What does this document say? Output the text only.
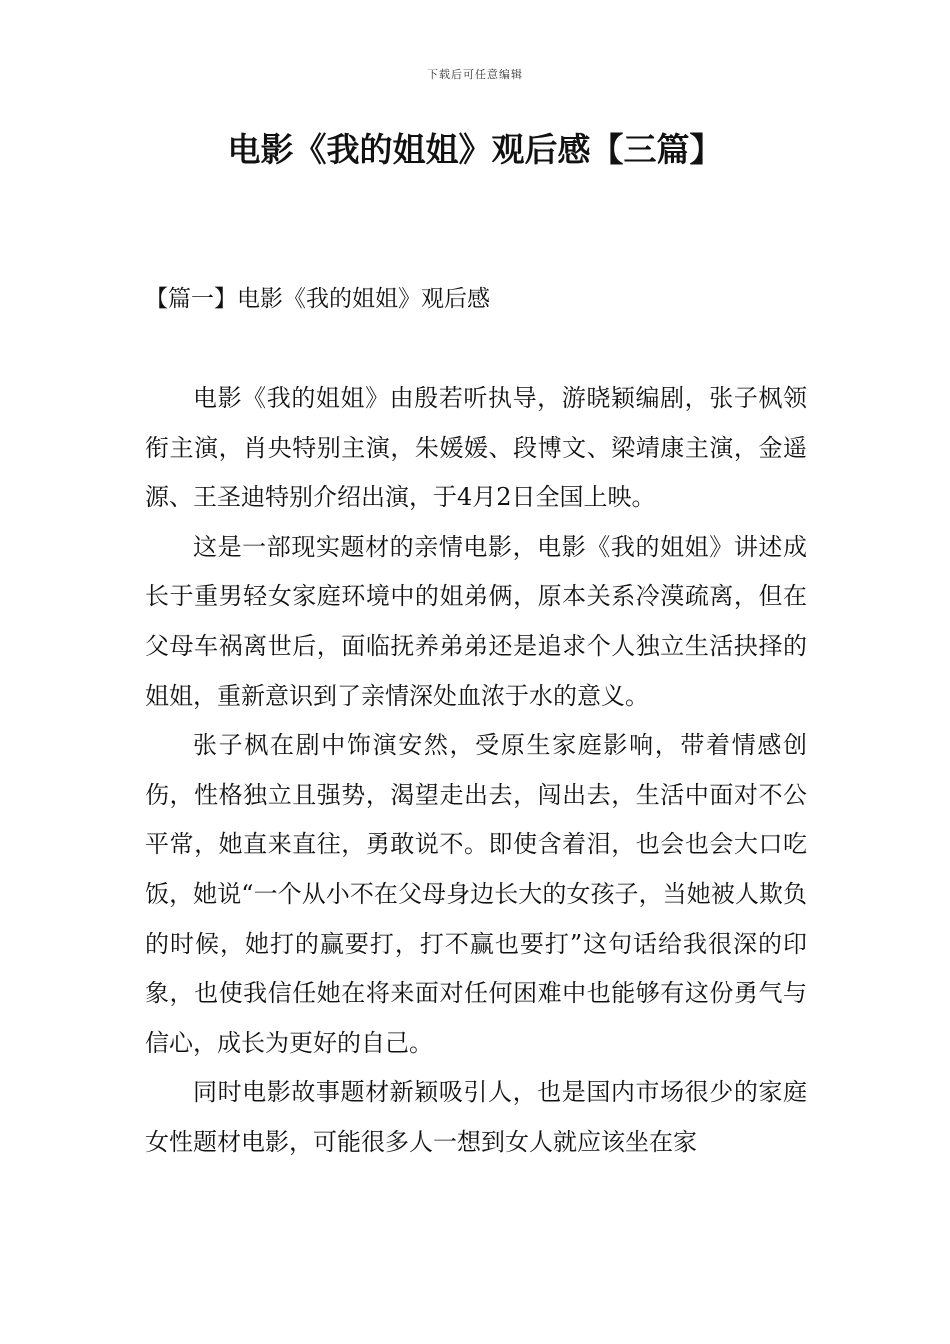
下载后可任意编辑
电影《我的姐姐》观后感【三篇】
【篇一】电影《我的姐姐》观后感

电影《我的姐姐》由殷若听执导，游晓颖编剧，张子枫领衔主演，肖央特别主演，朱媛媛、段博文、梁靖康主演，金遥源、王圣迪特别介绍出演，于4月2日全国上映。

这是一部现实题材的亲情电影，电影《我的姐姐》讲述成长于重男轻女家庭环境中的姐弟俩，原本关系冷漠疏离，但在父母车祸离世后，面临抚养弟弟还是追求个人独立生活抉择的姐姐，重新意识到了亲情深处血浓于水的意义。

张子枫在剧中饰演安然，受原生家庭影响，带着情感创伤，性格独立且强势，渴望走出去，闯出去，生活中面对不公平常，她直来直往，勇敢说不。即使含着泪，也会也会大口吃饭，她说“一个从小不在父母身边长大的女孩子，当她被人欺负的时候，她打的赢要打，打不赢也要打”这句话给我很深的印象，也使我信任她在将来面对任何困难中也能够有这份勇气与信心，成长为更好的自己。

同时电影故事题材新颖吸引人，也是国内市场很少的家庭女性题材电影，可能很多人一想到女人就应该坐在家
